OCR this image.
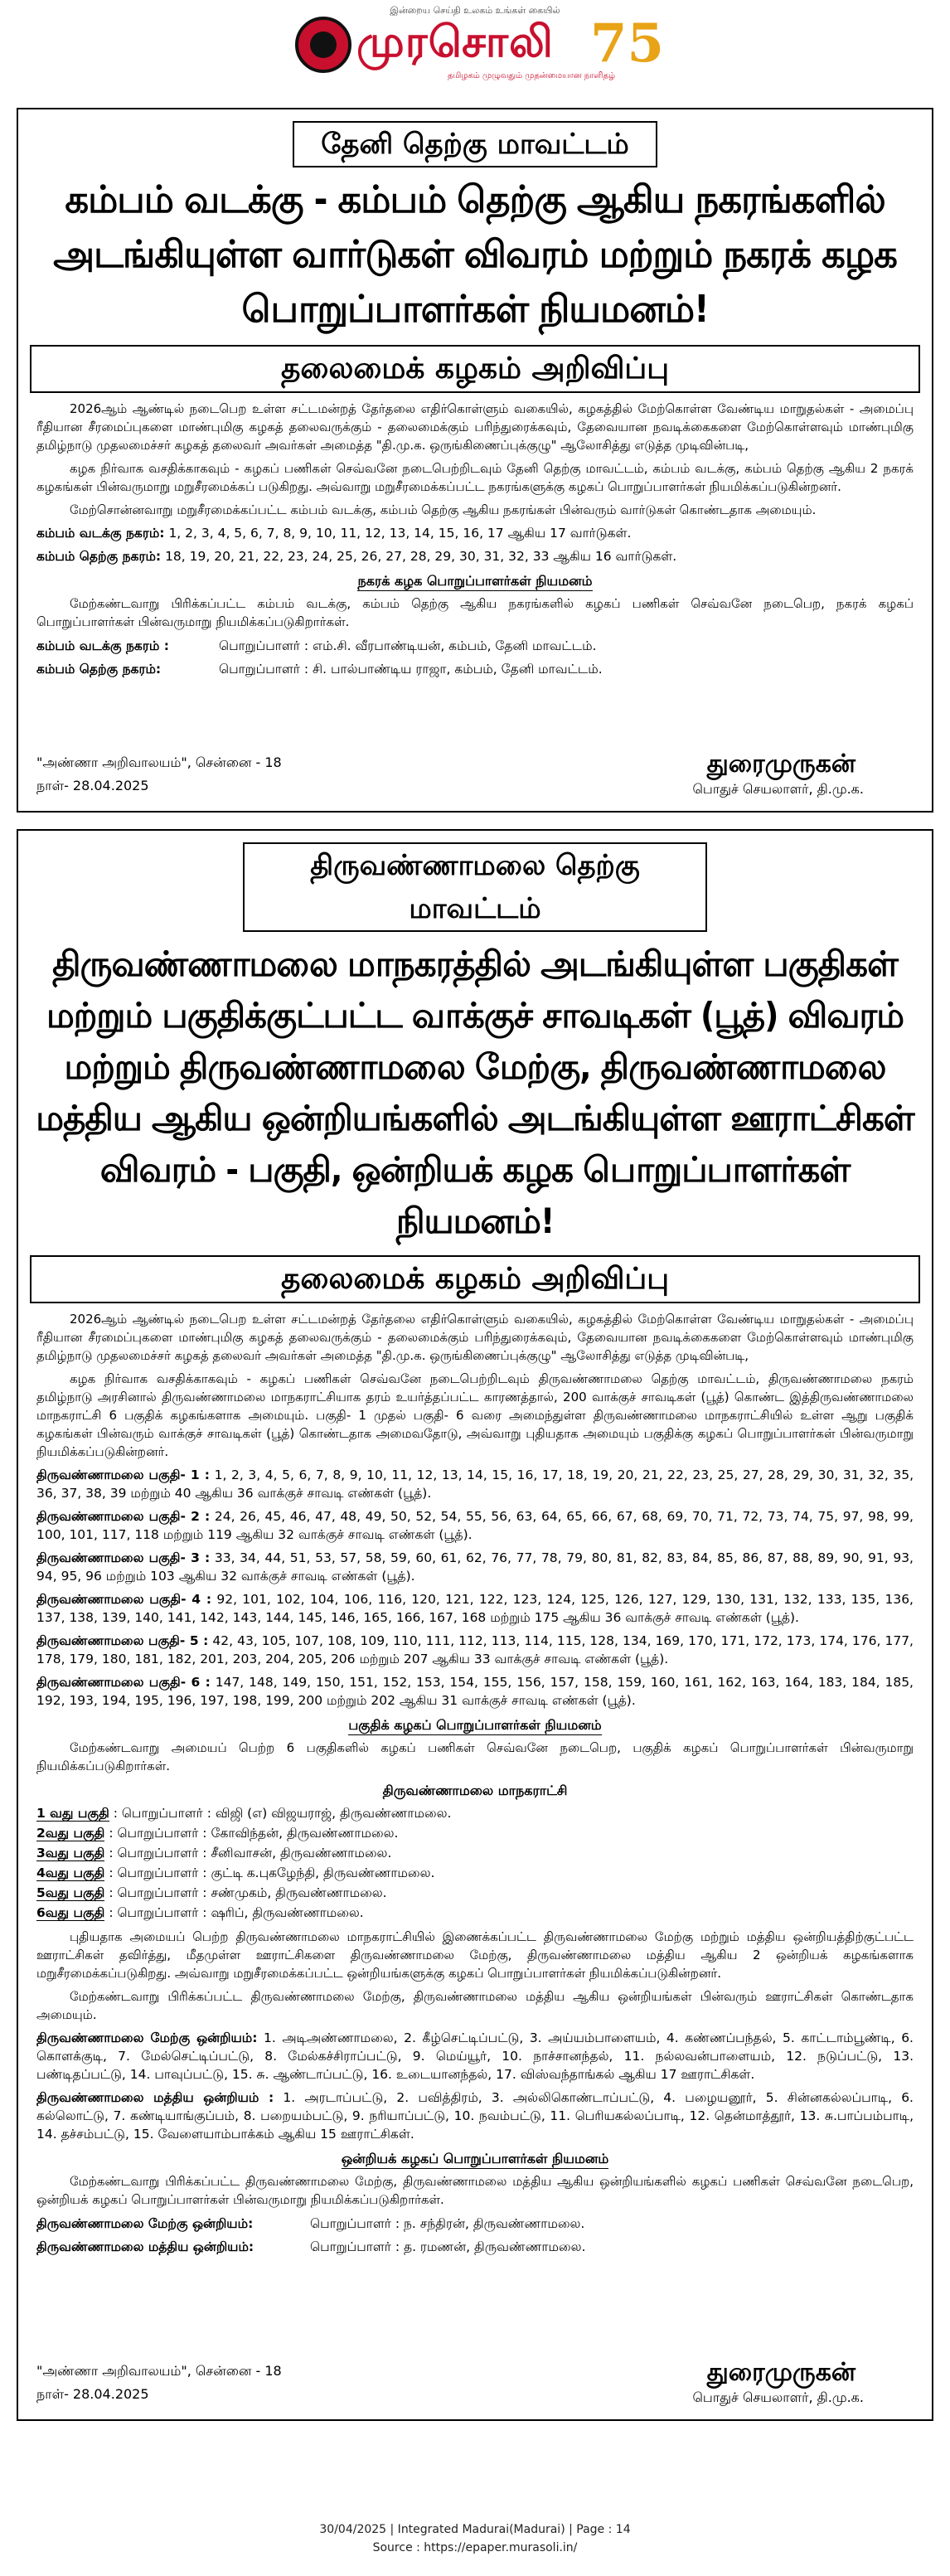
இன்றைய செய்தி உலகம் உங்கள் கையில்
முரசொலி 75
தமிழகம் முழுவதும் முதன்மையான நாளிதழ்
தேனி தெற்கு மாவட்டம்
கம்பம் வடக்கு - கம்பம் தெற்கு ஆகிய நகரங்களில் அடங்கியுள்ள வார்டுகள் விவரம் மற்றும் நகரக் கழக பொறுப்பாளர்கள் நியமனம்!
தலைமைக் கழகம் அறிவிப்பு

2026ஆம் ஆண்டில் நடைபெற உள்ள சட்டமன்றத் தேர்தலை எதிர்கொள்ளும் வகையில், கழகத்தில் மேற்கொள்ள வேண்டிய மாறுதல்கள் - அமைப்பு ரீதியான சீரமைப்புகளை மாண்புமிகு கழகத் தலைவருக்கும் - தலைமைக்கும் பரிந்துரைக்கவும், தேவையான நவடிக்கைகளை மேற்கொள்ளவும் மாண்புமிகு தமிழ்நாடு முதலமைச்சர் கழகத் தலைவர் அவர்கள் அமைத்த "தி.மு.க. ஒருங்கிணைப்புக்குழு" ஆலோசித்து எடுத்த முடிவின்படி,

கழக நிர்வாக வசதிக்காகவும் - கழகப் பணிகள் செவ்வனே நடைபெற்றிடவும் தேனி தெற்கு மாவட்டம், கம்பம் வடக்கு, கம்பம் தெற்கு ஆகிய 2 நகரக் கழகங்கள் பின்வருமாறு மறுசீரமைக்கப் படுகிறது. அவ்வாறு மறுசீரமைக்கப்பட்ட நகரங்களுக்கு கழகப் பொறுப்பாளர்கள் நியமிக்கப்படுகின்றனர்.

மேற்சொன்னவாறு மறுசீரமைக்கப்பட்ட கம்பம் வடக்கு, கம்பம் தெற்கு ஆகிய நகரங்கள் பின்வரும் வார்டுகள் கொண்டதாக அமையும்.

கம்பம் வடக்கு நகரம்: 1, 2, 3, 4, 5, 6, 7, 8, 9, 10, 11, 12, 13, 14, 15, 16, 17 ஆகிய 17 வார்டுகள்.
கம்பம் தெற்கு நகரம்: 18, 19, 20, 21, 22, 23, 24, 25, 26, 27, 28, 29, 30, 31, 32, 33 ஆகிய 16 வார்டுகள்.
நகரக் கழக பொறுப்பாளர்கள் நியமனம்

மேற்கண்டவாறு பிரிக்கப்பட்ட கம்பம் வடக்கு, கம்பம் தெற்கு ஆகிய நகரங்களில் கழகப் பணிகள் செவ்வனே நடைபெற, நகரக் கழகப் பொறுப்பாளர்கள் பின்வருமாறு நியமிக்கப்படுகிறார்கள்.

கம்பம் வடக்கு நகரம் :	பொறுப்பாளர் : எம்.சி. வீரபாண்டியன், கம்பம், தேனி மாவட்டம்.
கம்பம் தெற்கு நகரம்:	பொறுப்பாளர் : சி. பால்பாண்டிய ராஜா, கம்பம், தேனி மாவட்டம்.
"அண்ணா அறிவாலயம்", சென்னை - 18
நாள்- 28.04.2025
துரைமுருகன்
பொதுச் செயலாளர், தி.மு.க.
திருவண்ணாமலை தெற்கு மாவட்டம்
திருவண்ணாமலை மாநகரத்தில் அடங்கியுள்ள பகுதிகள் மற்றும் பகுதிக்குட்பட்ட வாக்குச் சாவடிகள் (பூத்) விவரம் மற்றும் திருவண்ணாமலை மேற்கு, திருவண்ணாமலை மத்திய ஆகிய ஒன்றியங்களில் அடங்கியுள்ள ஊராட்சிகள் விவரம் - பகுதி, ஒன்றியக் கழக பொறுப்பாளர்கள் நியமனம்!
தலைமைக் கழகம் அறிவிப்பு

2026ஆம் ஆண்டில் நடைபெற உள்ள சட்டமன்றத் தேர்தலை எதிர்கொள்ளும் வகையில், கழகத்தில் மேற்கொள்ள வேண்டிய மாறுதல்கள் - அமைப்பு ரீதியான சீரமைப்புகளை மாண்புமிகு கழகத் தலைவருக்கும் - தலைமைக்கும் பரிந்துரைக்கவும், தேவையான நவடிக்கைகளை மேற்கொள்ளவும் மாண்புமிகு தமிழ்நாடு முதலமைச்சர் கழகத் தலைவர் அவர்கள் அமைத்த "தி.மு.க. ஒருங்கிணைப்புக்குழு" ஆலோசித்து எடுத்த முடிவின்படி,

கழக நிர்வாக வசதிக்காகவும் - கழகப் பணிகள் செவ்வனே நடைபெற்றிடவும் திருவண்ணாமலை தெற்கு மாவட்டம், திருவண்ணாமலை நகரம் தமிழ்நாடு அரசினால் திருவண்ணாமலை மாநகராட்சியாக தரம் உயர்த்தப்பட்ட காரணத்தால், 200 வாக்குச் சாவடிகள் (பூத்) கொண்ட இத்திருவண்ணாமலை மாநகராட்சி 6 பகுதிக் கழகங்களாக அமையும். பகுதி- 1 முதல் பகுதி- 6 வரை அமைந்துள்ள திருவண்ணாமலை மாநகராட்சியில் உள்ள ஆறு பகுதிக் கழகங்கள் பின்வரும் வாக்குச் சாவடிகள் (பூத்) கொண்டதாக அமைவதோடு, அவ்வாறு புதியதாக அமையும் பகுதிக்கு கழகப் பொறுப்பாளர்கள் பின்வருமாறு நியமிக்கப்படுகின்றனர்.

திருவண்ணாமலை பகுதி- 1 : 1, 2, 3, 4, 5, 6, 7, 8, 9, 10, 11, 12, 13, 14, 15, 16, 17, 18, 19, 20, 21, 22, 23, 25, 27, 28, 29, 30, 31, 32, 35, 36, 37, 38, 39 மற்றும் 40 ஆகிய 36 வாக்குச் சாவடி எண்கள் (பூத்).
திருவண்ணாமலை பகுதி- 2 : 24, 26, 45, 46, 47, 48, 49, 50, 52, 54, 55, 56, 63, 64, 65, 66, 67, 68, 69, 70, 71, 72, 73, 74, 75, 97, 98, 99, 100, 101, 117, 118 மற்றும் 119 ஆகிய 32 வாக்குச் சாவடி எண்கள் (பூத்).
திருவண்ணாமலை பகுதி- 3 : 33, 34, 44, 51, 53, 57, 58, 59, 60, 61, 62, 76, 77, 78, 79, 80, 81, 82, 83, 84, 85, 86, 87, 88, 89, 90, 91, 93, 94, 95, 96 மற்றும் 103 ஆகிய 32 வாக்குச் சாவடி எண்கள் (பூத்).
திருவண்ணாமலை பகுதி- 4 : 92, 101, 102, 104, 106, 116, 120, 121, 122, 123, 124, 125, 126, 127, 129, 130, 131, 132, 133, 135, 136, 137, 138, 139, 140, 141, 142, 143, 144, 145, 146, 165, 166, 167, 168 மற்றும் 175 ஆகிய 36 வாக்குச் சாவடி எண்கள் (பூத்).
திருவண்ணாமலை பகுதி- 5 : 42, 43, 105, 107, 108, 109, 110, 111, 112, 113, 114, 115, 128, 134, 169, 170, 171, 172, 173, 174, 176, 177, 178, 179, 180, 181, 182, 201, 203, 204, 205, 206 மற்றும் 207 ஆகிய 33 வாக்குச் சாவடி எண்கள் (பூத்).
திருவண்ணாமலை பகுதி- 6 : 147, 148, 149, 150, 151, 152, 153, 154, 155, 156, 157, 158, 159, 160, 161, 162, 163, 164, 183, 184, 185, 192, 193, 194, 195, 196, 197, 198, 199, 200 மற்றும் 202 ஆகிய 31 வாக்குச் சாவடி எண்கள் (பூத்).
பகுதிக் கழகப் பொறுப்பாளர்கள் நியமனம்

மேற்கண்டவாறு அமையப் பெற்ற 6 பகுதிகளில் கழகப் பணிகள் செவ்வனே நடைபெற, பகுதிக் கழகப் பொறுப்பாளர்கள் பின்வருமாறு நியமிக்கப்படுகிறார்கள்.

திருவண்ணாமலை மாநகராட்சி
1 வது பகுதி : பொறுப்பாளர் : விஜி (எ) விஜயராஜ், திருவண்ணாமலை.
2வது பகுதி : பொறுப்பாளர் : கோவிந்தன், திருவண்ணாமலை.
3வது பகுதி : பொறுப்பாளர் : சீனிவாசன், திருவண்ணாமலை.
4வது பகுதி : பொறுப்பாளர் : குட்டி க.புகழேந்தி, திருவண்ணாமலை.
5வது பகுதி : பொறுப்பாளர் : சண்முகம், திருவண்ணாமலை.
6வது பகுதி : பொறுப்பாளர் : ஷரிப், திருவண்ணாமலை.

புதியதாக அமையப் பெற்ற திருவண்ணாமலை மாநகராட்சியில் இணைக்கப்பட்ட திருவண்ணாமலை மேற்கு மற்றும் மத்திய ஒன்றியத்திற்குட்பட்ட ஊராட்சிகள் தவிர்த்து, மீதமுள்ள ஊராட்சிகளை திருவண்ணாமலை மேற்கு, திருவண்ணாமலை மத்திய ஆகிய 2 ஒன்றியக் கழகங்களாக மறுசீரமைக்கப்படுகிறது. அவ்வாறு மறுசீரமைக்கப்பட்ட ஒன்றியங்களுக்கு கழகப் பொறுப்பாளர்கள் நியமிக்கப்படுகின்றனர்.

மேற்கண்டவாறு பிரிக்கப்பட்ட திருவண்ணாமலை மேற்கு, திருவண்ணாமலை மத்திய ஆகிய ஒன்றியங்கள் பின்வரும் ஊராட்சிகள் கொண்டதாக அமையும்.

திருவண்ணாமலை மேற்கு ஒன்றியம்: 1. அடிஅண்ணாமலை, 2. கீழ்செட்டிப்பட்டு, 3. அய்யம்பாளையம், 4. கண்ணப்பந்தல், 5. காட்டாம்பூண்டி, 6. கொளக்குடி, 7. மேல்செட்டிப்பட்டு, 8. மேல்கச்சிராப்பட்டு, 9. மெய்யூர், 10. நாச்சானந்தல், 11. நல்லவன்பாளையம், 12. நடுப்பட்டு, 13. பண்டிதப்பட்டு, 14. பாவுப்பட்டு, 15. சு. ஆண்டாப்பட்டு, 16. உடையானந்தல், 17. விஸ்வந்தாங்கல் ஆகிய 17 ஊராட்சிகள்.
திருவண்ணாமலை மத்திய ஒன்றியம் : 1. அரடாப்பட்டு, 2. பவித்திரம், 3. அல்லிகொண்டாப்பட்டு, 4. பழையனூர், 5. சின்னகல்லப்பாடி, 6. கல்லொட்டு, 7. கண்டியாங்குப்பம், 8. பறையம்பட்டு, 9. நரியாப்பட்டு, 10. நவம்பட்டு, 11. பெரியகல்லப்பாடி, 12. தென்மாத்தூர், 13. சு.பாப்பம்பாடி, 14. தச்சம்பட்டு, 15. வேளையாம்பாக்கம் ஆகிய 15 ஊராட்சிகள்.
ஒன்றியக் கழகப் பொறுப்பாளர்கள் நியமனம்

மேற்கண்டவாறு பிரிக்கப்பட்ட திருவண்ணாமலை மேற்கு, திருவண்ணாமலை மத்திய ஆகிய ஒன்றியங்களில் கழகப் பணிகள் செவ்வனே நடைபெற, ஒன்றியக் கழகப் பொறுப்பாளர்கள் பின்வருமாறு நியமிக்கப்படுகிறார்கள்.

திருவண்ணாமலை மேற்கு ஒன்றியம்:	பொறுப்பாளர் : ந. சந்திரன், திருவண்ணாமலை.
திருவண்ணாமலை மத்திய ஒன்றியம்:	பொறுப்பாளர் : த. ரமணன், திருவண்ணாமலை.
"அண்ணா அறிவாலயம்", சென்னை - 18
நாள்- 28.04.2025
துரைமுருகன்
பொதுச் செயலாளர், தி.மு.க.
30/04/2025 | Integrated Madurai(Madurai) | Page : 14
Source : https://epaper.murasoli.in/
